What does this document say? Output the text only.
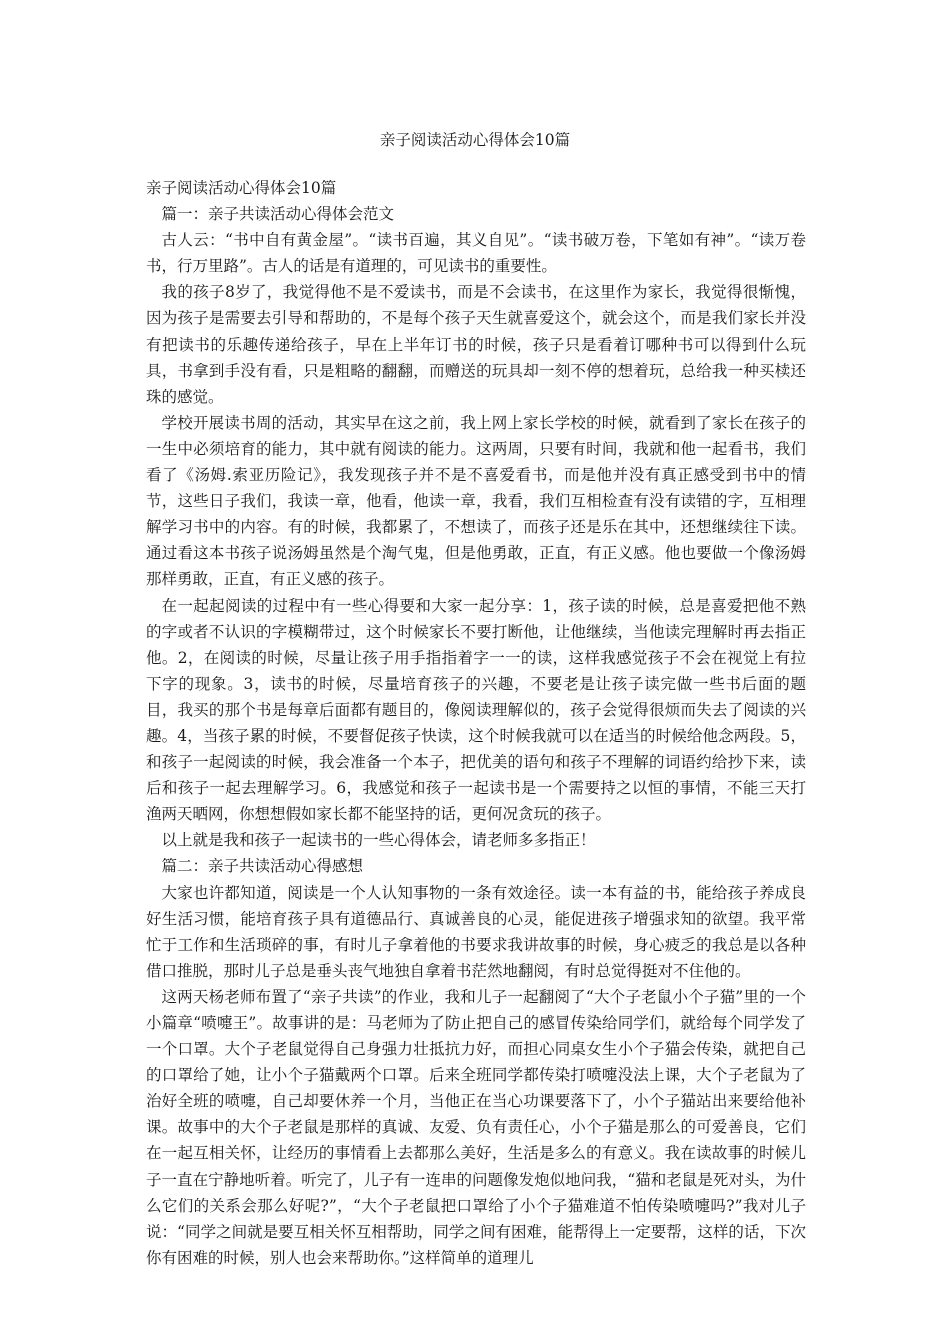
亲子阅读活动心得体会10篇

亲子阅读活动心得体会10篇

篇一：亲子共读活动心得体会范文

古人云：“书中自有黄金屋”。“读书百遍，其义自见”。“读书破万卷，下笔如有神”。“读万卷书，行万里路”。古人的话是有道理的，可见读书的重要性。

我的孩子8岁了，我觉得他不是不爱读书，而是不会读书，在这里作为家长，我觉得很惭愧，因为孩子是需要去引导和帮助的，不是每个孩子天生就喜爱这个，就会这个，而是我们家长并没有把读书的乐趣传递给孩子，早在上半年订书的时候，孩子只是看着订哪种书可以得到什么玩具，书拿到手没有看，只是粗略的翻翻，而赠送的玩具却一刻不停的想着玩，总给我一种买椟还珠的感觉。

学校开展读书周的活动，其实早在这之前，我上网上家长学校的时候，就看到了家长在孩子的一生中必须培育的能力，其中就有阅读的能力。这两周，只要有时间，我就和他一起看书，我们看了《汤姆.索亚历险记》，我发现孩子并不是不喜爱看书，而是他并没有真正感受到书中的情节，这些日子我们，我读一章，他看，他读一章，我看，我们互相检查有没有读错的字，互相理解学习书中的内容。有的时候，我都累了，不想读了，而孩子还是乐在其中，还想继续往下读。通过看这本书孩子说汤姆虽然是个淘气鬼，但是他勇敢，正直，有正义感。他也要做一个像汤姆那样勇敢，正直，有正义感的孩子。

在一起起阅读的过程中有一些心得要和大家一起分享：1，孩子读的时候，总是喜爱把他不熟的字或者不认识的字模糊带过，这个时候家长不要打断他，让他继续，当他读完理解时再去指正他。2，在阅读的时候，尽量让孩子用手指指着字一一的读，这样我感觉孩子不会在视觉上有拉下字的现象。3，读书的时候，尽量培育孩子的兴趣，不要老是让孩子读完做一些书后面的题目，我买的那个书是每章后面都有题目的，像阅读理解似的，孩子会觉得很烦而失去了阅读的兴趣。4，当孩子累的时候，不要督促孩子快读，这个时候我就可以在适当的时候给他念两段。5，和孩子一起阅读的时候，我会准备一个本子，把优美的语句和孩子不理解的词语约给抄下来，读后和孩子一起去理解学习。6，我感觉和孩子一起读书是一个需要持之以恒的事情，不能三天打渔两天晒网，你想想假如家长都不能坚持的话，更何况贪玩的孩子。

以上就是我和孩子一起读书的一些心得体会，请老师多多指正！

篇二：亲子共读活动心得感想

大家也许都知道，阅读是一个人认知事物的一条有效途径。读一本有益的书，能给孩子养成良好生活习惯，能培育孩子具有道德品行、真诚善良的心灵，能促进孩子增强求知的欲望。我平常忙于工作和生活琐碎的事，有时儿子拿着他的书要求我讲故事的时候，身心疲乏的我总是以各种借口推脱，那时儿子总是垂头丧气地独自拿着书茫然地翻阅，有时总觉得挺对不住他的。

这两天杨老师布置了“亲子共读”的作业，我和儿子一起翻阅了“大个子老鼠小个子猫”里的一个小篇章“喷嚏王”。故事讲的是：马老师为了防止把自己的感冒传染给同学们，就给每个同学发了一个口罩。大个子老鼠觉得自己身强力壮抵抗力好，而担心同桌女生小个子猫会传染，就把自己的口罩给了她，让小个子猫戴两个口罩。后来全班同学都传染打喷嚏没法上课，大个子老鼠为了治好全班的喷嚏，自己却要休养一个月，当他正在当心功课要落下了，小个子猫站出来要给他补课。故事中的大个子老鼠是那样的真诚、友爱、负有责任心，小个子猫是那么的可爱善良，它们在一起互相关怀，让经历的事情看上去都那么美好，生活是多么的有意义。我在读故事的时候儿子一直在宁静地听着。听完了，儿子有一连串的问题像发炮似地问我，“猫和老鼠是死对头，为什么它们的关系会那么好呢?”，“大个子老鼠把口罩给了小个子猫难道不怕传染喷嚏吗?”我对儿子说：“同学之间就是要互相关怀互相帮助，同学之间有困难，能帮得上一定要帮，这样的话，下次你有困难的时候，别人也会来帮助你。”这样简单的道理儿
